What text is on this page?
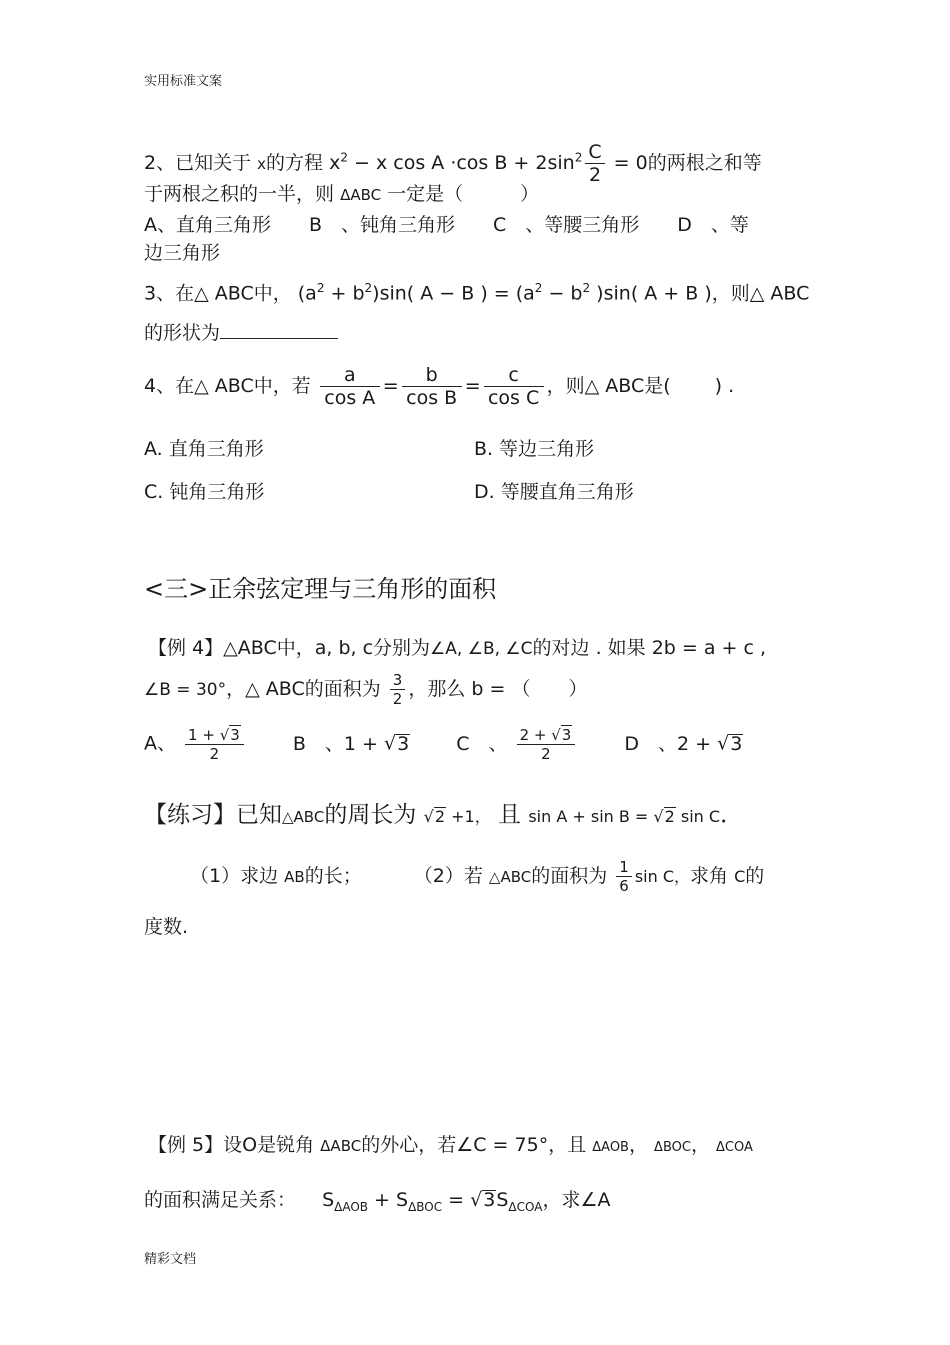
实用标准文案
2、已知关于 x的方程 $x^2 - x$ cos A ·cos $B + 2\sin^2 \frac{C}{2} = 0$的两根之和等
于两根之积的一半，则 ΔABC 一定是（　　　）
A、直角三角形　　B　、钝角三角形　　C　、等腰三角形　　D　、等
边三角形
3、在△ ABC中， $(a^2 + b^2)\sin$( A − B ) = ($a^2 - b^2$ )sin( A + B )，则△ ABC
的形状为
4、在△ ABC中，若 $\frac{a}{\text{cos A}} = \frac{b}{\text{cos B}} = \frac{c}{\text{cos C}}$ ，则△ ABC是(　　 ) .
A. 直角三角形	B. 等边三角形
C. 钝角三角形	D. 等腰直角三角形
<三>正余弦定理与三角形的面积
【例 4】△ABC中，a, b, c分别为∠A, ∠B, ∠C的对边 . 如果 2b = a + c ,
∠B = 30°，△ ABC的面积为 $\frac{3}{2}$ ，那么 b = （　　）
A、 $\frac{1 + √3}{2}$	B　、1 + √3 C　、 $\frac{2 + √3}{2}$	D　、2 + √3
【练习】已知△ABC的周长为 √2 +1， 且 sin A + sin B = √2 sin C．
（1）求边 AB的长；	（2）若 △ABC的面积为 $\frac{1}{6}$ sin C，求角 C的
度数.
【例 5】设O是锐角 ΔABC的外心，若∠C = 75°，且 ΔAOB， ΔBOC， ΔCOA
的面积满足关系： $S_{\Delta AOB} + S_{\Delta BOC} = √3S_{\Delta COA}$，求∠A
精彩文档
